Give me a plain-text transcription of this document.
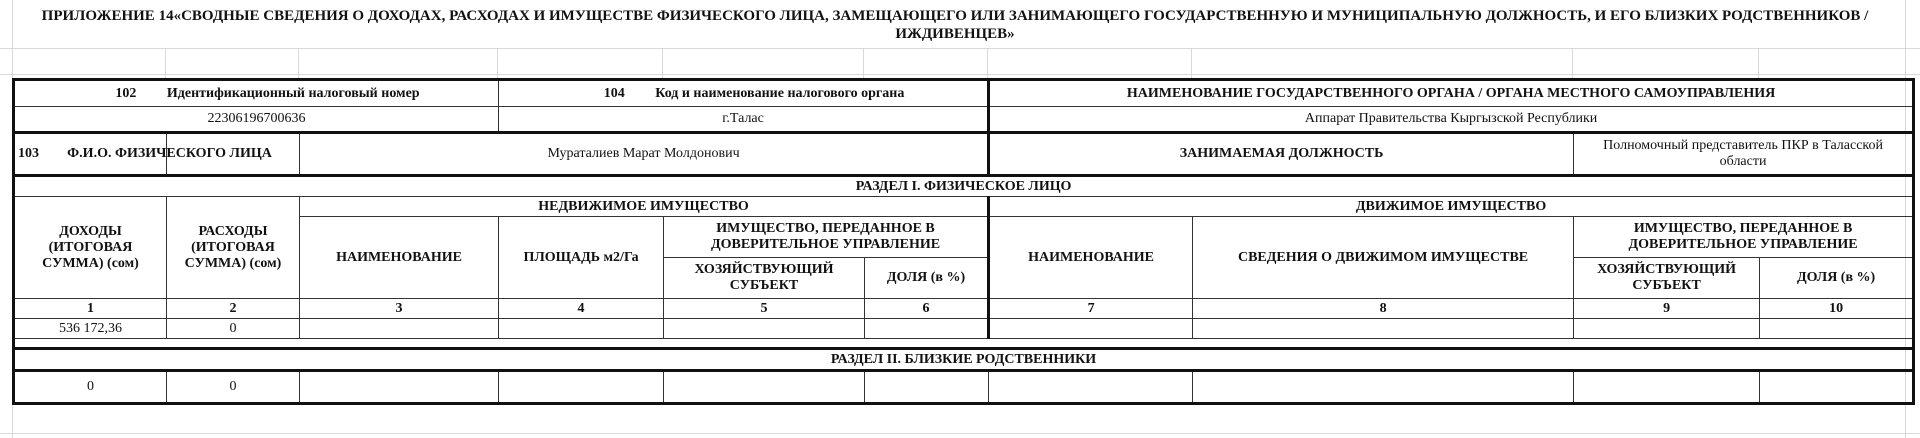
ПРИЛОЖЕНИЕ 14«СВОДНЫЕ СВЕДЕНИЯ О ДОХОДАХ, РАСХОДАХ И ИМУЩЕСТВЕ ФИЗИЧЕСКОГО ЛИЦА, ЗАМЕЩАЮЩЕГО ИЛИ ЗАНИМАЮЩЕГО ГОСУДАРСТВЕННУЮ И МУНИЦИПАЛЬНУЮ ДОЛЖНОСТЬ, И ЕГО БЛИЗКИХ РОДСТВЕННИКОВ / ИЖДИВЕНЦЕВ»
102 Идентификационный налоговый номер			104 Код и наименование налогового органа			НАИМЕНОВАНИЕ ГОСУДАРСТВЕННОГО ОРГАНА / ОРГАНА МЕСТНОГО САМОУПРАВЛЕНИЯ			
22306196700636			г.Талас			Аппарат Правительства Кыргызской Республики			
103 Ф.И.О. ФИЗИЧЕСКОГО ЛИЦА		Мураталиев Марат Молдонович				ЗАНИМАЕМАЯ ДОЛЖНОСТЬ		Полномочный представитель ПКР в Таласской области	
РАЗДЕЛ I. ФИЗИЧЕСКОЕ ЛИЦО									
ДОХОДЫ (ИТОГОВАЯ СУММА) (сом)	РАСХОДЫ (ИТОГОВАЯ СУММА) (сом)	НЕДВИЖИМОЕ ИМУЩЕСТВО				ДВИЖИМОЕ ИМУЩЕСТВО			
		НАИМЕНОВАНИЕ	ПЛОЩАДЬ м2/Га	ИМУЩЕСТВО, ПЕРЕДАННОЕ В ДОВЕРИТЕЛЬНОЕ УПРАВЛЕНИЕ		НАИМЕНОВАНИЕ	СВЕДЕНИЯ О ДВИЖИМОМ ИМУЩЕСТВЕ	ИМУЩЕСТВО, ПЕРЕДАННОЕ В ДОВЕРИТЕЛЬНОЕ УПРАВЛЕНИЕ	
				ХОЗЯЙСТВУЮЩИЙ СУБЪЕКТ	ДОЛЯ (в %)			ХОЗЯЙСТВУЮЩИЙ СУБЪЕКТ	ДОЛЯ (в %)
1	2	3	4	5	6	7	8	9	10
536 172,36	0								

РАЗДЕЛ II. БЛИЗКИЕ РОДСТВЕННИКИ									
0	0								
